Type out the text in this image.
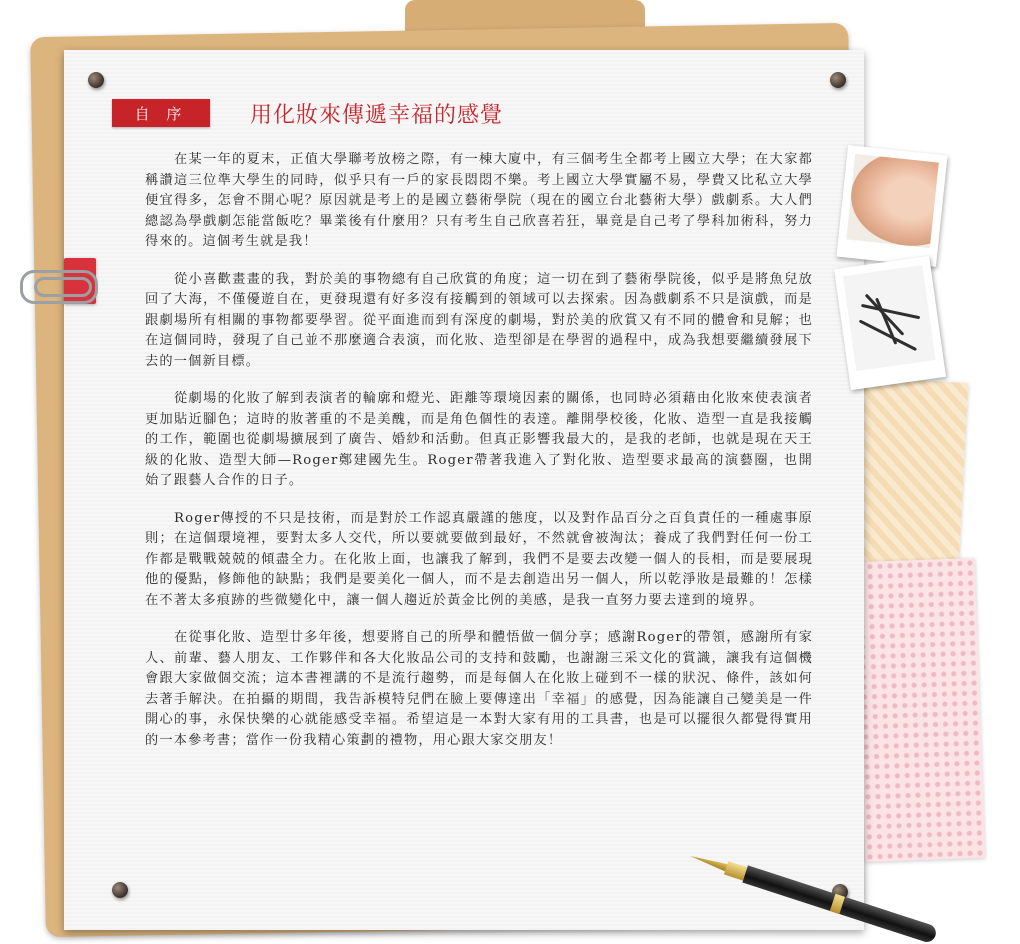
自 序	用化妝來傳遞幸福的感覺

在某一年的夏末，正值大學聯考放榜之際，有一棟大廈中，有三個考生全都考上國立大學；在大家都稱讚這三位準大學生的同時，似乎只有一戶的家長悶悶不樂。考上國立大學實屬不易，學費又比私立大學便宜得多，怎會不開心呢？原因就是考上的是國立藝術學院（現在的國立台北藝術大學）戲劇系。大人們總認為學戲劇怎能當飯吃？畢業後有什麼用？只有考生自己欣喜若狂，畢竟是自己考了學科加術科，努力得來的。這個考生就是我！

從小喜歡畫畫的我，對於美的事物總有自己欣賞的角度；這一切在到了藝術學院後，似乎是將魚兒放回了大海，不僅優遊自在，更發現還有好多沒有接觸到的領域可以去探索。因為戲劇系不只是演戲，而是跟劇場所有相關的事物都要學習。從平面進而到有深度的劇場，對於美的欣賞又有不同的體會和見解；也在這個同時，發現了自己並不那麼適合表演，而化妝、造型卻是在學習的過程中，成為我想要繼續發展下去的一個新目標。

從劇場的化妝了解到表演者的輪廓和燈光、距離等環境因素的關係，也同時必須藉由化妝來使表演者更加貼近腳色；這時的妝著重的不是美醜，而是角色個性的表達。離開學校後，化妝、造型一直是我接觸的工作，範圍也從劇場擴展到了廣告、婚紗和活動。但真正影響我最大的，是我的老師，也就是現在天王級的化妝、造型大師—Roger鄭建國先生。Roger帶著我進入了對化妝、造型要求最高的演藝圈，也開始了跟藝人合作的日子。

Roger傳授的不只是技術，而是對於工作認真嚴謹的態度，以及對作品百分之百負責任的一種處事原則；在這個環境裡，要對太多人交代，所以要就要做到最好，不然就會被淘汰；養成了我們對任何一份工作都是戰戰兢兢的傾盡全力。在化妝上面，也讓我了解到，我們不是要去改變一個人的長相，而是要展現他的優點，修飾他的缺點；我們是要美化一個人，而不是去創造出另一個人，所以乾淨妝是最難的！怎樣在不著太多痕跡的些微變化中，讓一個人趨近於黃金比例的美感，是我一直努力要去達到的境界。

在從事化妝、造型廿多年後，想要將自己的所學和體悟做一個分享；感謝Roger的帶領，感謝所有家人、前輩、藝人朋友、工作夥伴和各大化妝品公司的支持和鼓勵，也謝謝三采文化的賞識，讓我有這個機會跟大家做個交流；這本書裡講的不是流行趨勢，而是每個人在化妝上碰到不一樣的狀況、條件，該如何去著手解決。在拍攝的期間，我告訴模特兒們在臉上要傳達出「幸福」的感覺，因為能讓自己變美是一件開心的事，永保快樂的心就能感受幸福。希望這是一本對大家有用的工具書，也是可以擺很久都覺得實用的一本參考書；當作一份我精心策劃的禮物，用心跟大家交朋友！
